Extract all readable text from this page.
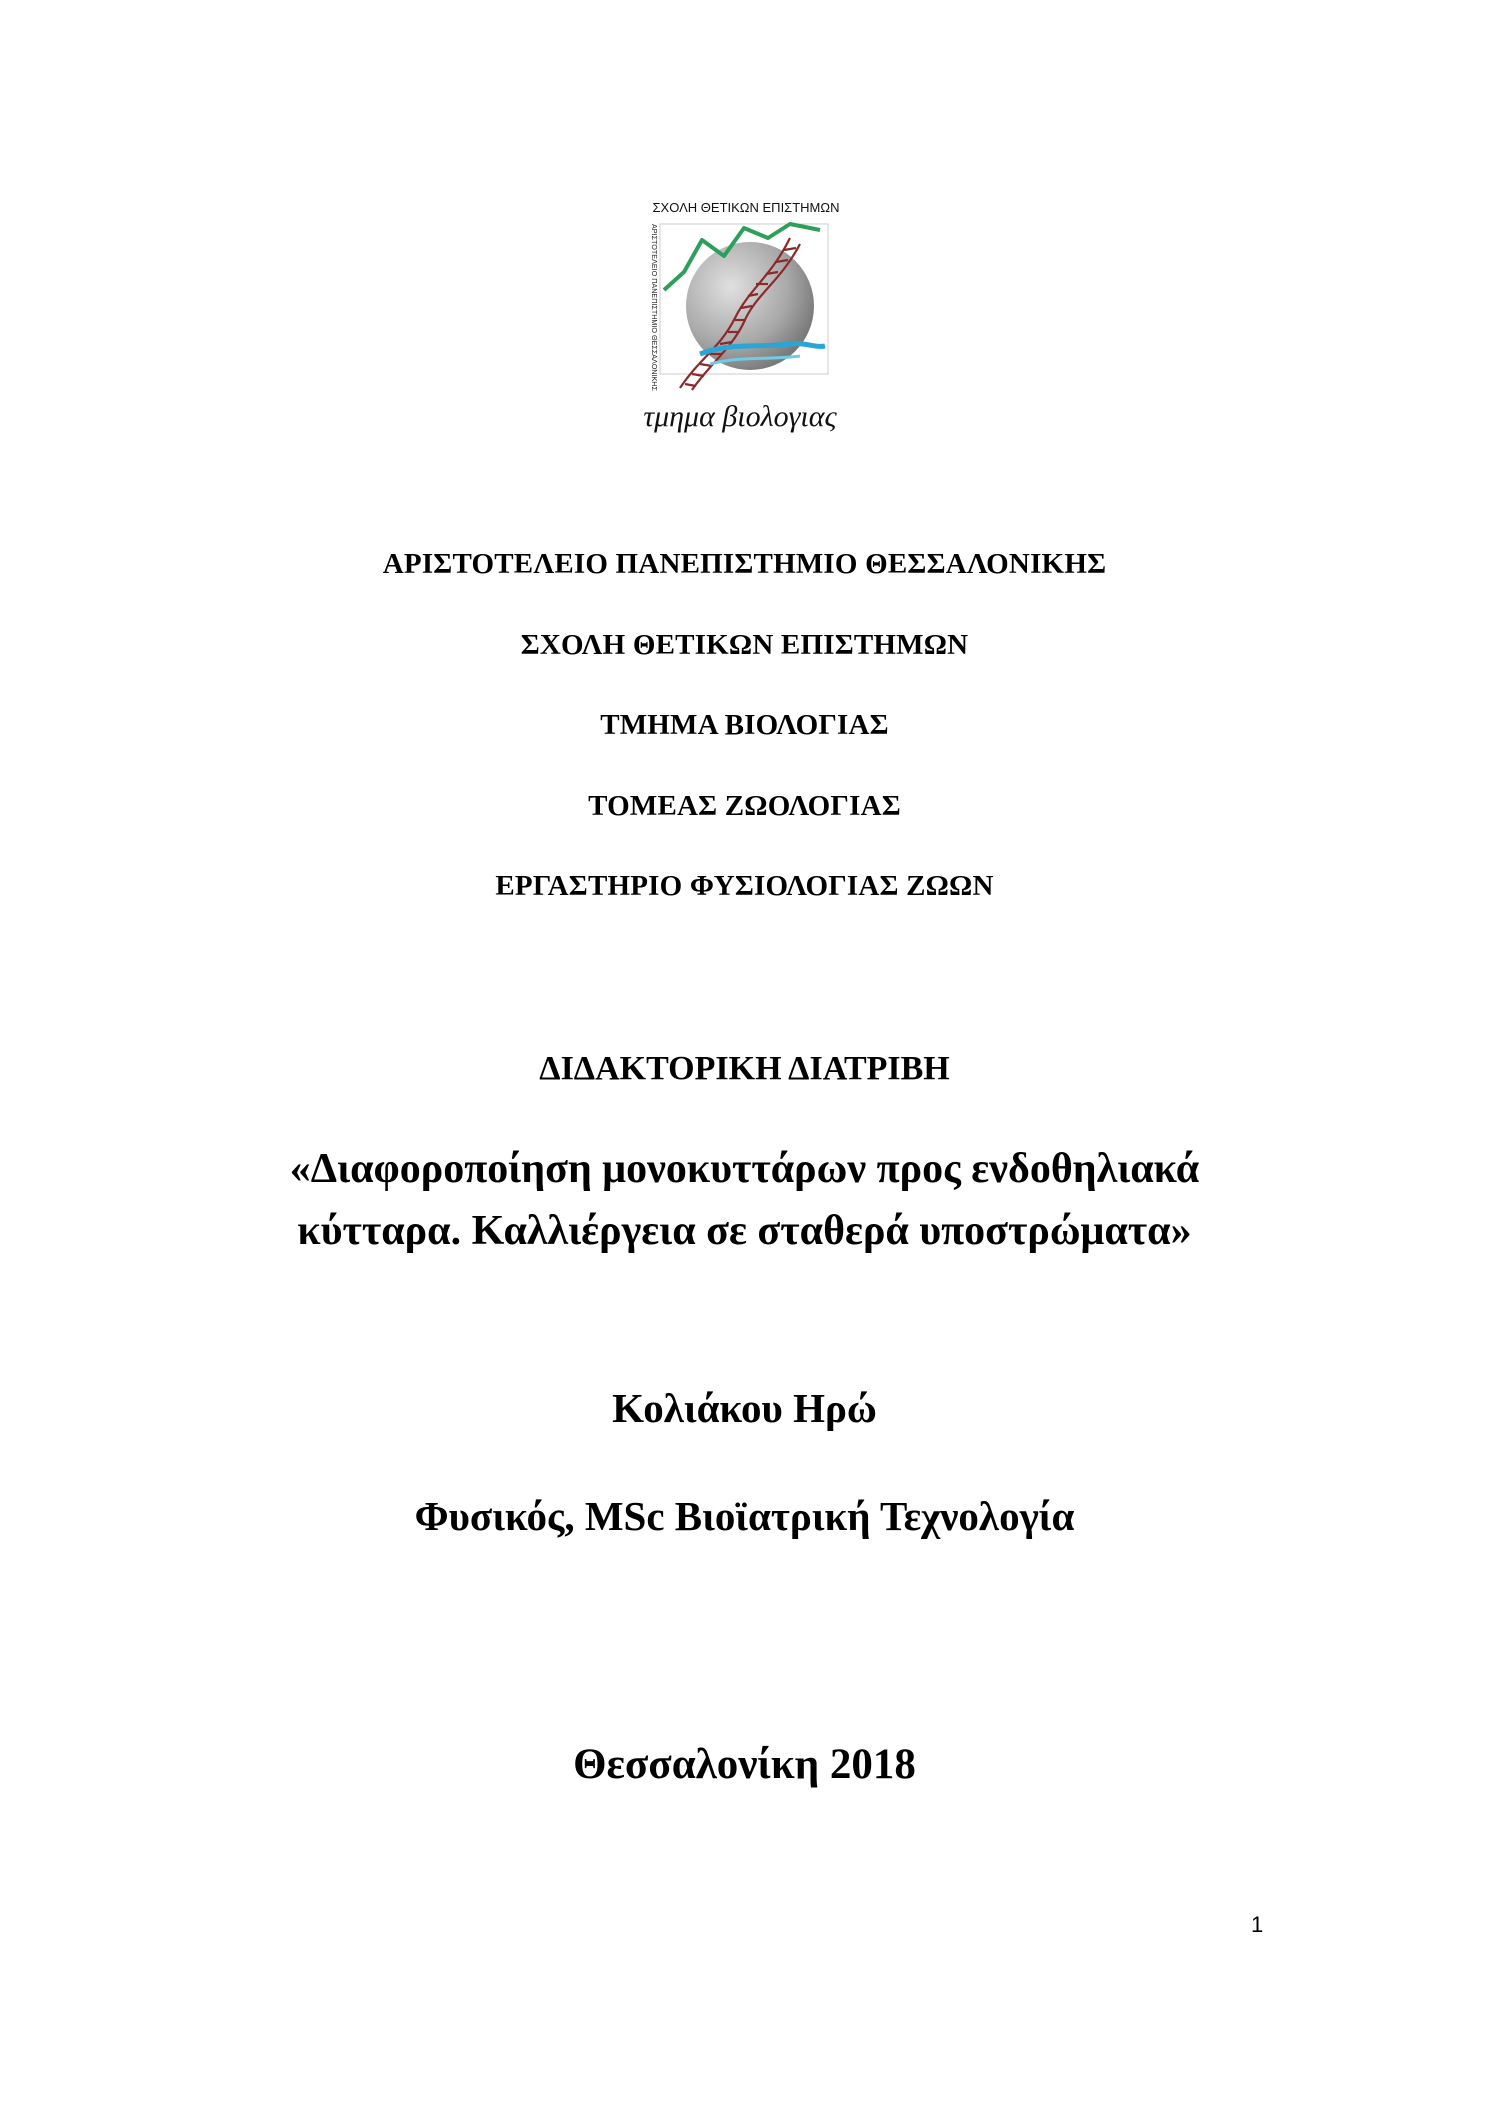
ΣΧΟΛΗ ΘΕΤΙΚΩΝ ΕΠΙΣΤΗΜΩΝ
ΑΡΙΣΤΟΤΕΛΕΙΟ ΠΑΝΕΠΙΣΤΗΜΙΟ ΘΕΣΣΑΛΟΝΙΚΗΣ
τμημα βιολογιας
ΑΡΙΣΤΟΤΕΛΕΙΟ ΠΑΝΕΠΙΣΤΗΜΙΟ ΘΕΣΣΑΛΟΝΙΚΗΣ
ΣΧΟΛΗ ΘΕΤΙΚΩΝ ΕΠΙΣΤΗΜΩΝ
ΤΜΗΜΑ ΒΙΟΛΟΓΙΑΣ
ΤΟΜΕΑΣ ΖΩΟΛΟΓΙΑΣ
ΕΡΓΑΣΤΗΡΙΟ ΦΥΣΙΟΛΟΓΙΑΣ ΖΩΩΝ
ΔΙΔΑΚΤΟΡΙΚΗ ΔΙΑΤΡΙΒΗ
«Διαφοροποίηση μονοκυττάρων προς ενδοθηλιακά
κύτταρα. Καλλιέργεια σε σταθερά υποστρώματα»
Κολιάκου Ηρώ
Φυσικός, MSc Βιοϊατρική Τεχνολογία
Θεσσαλονίκη 2018
1
